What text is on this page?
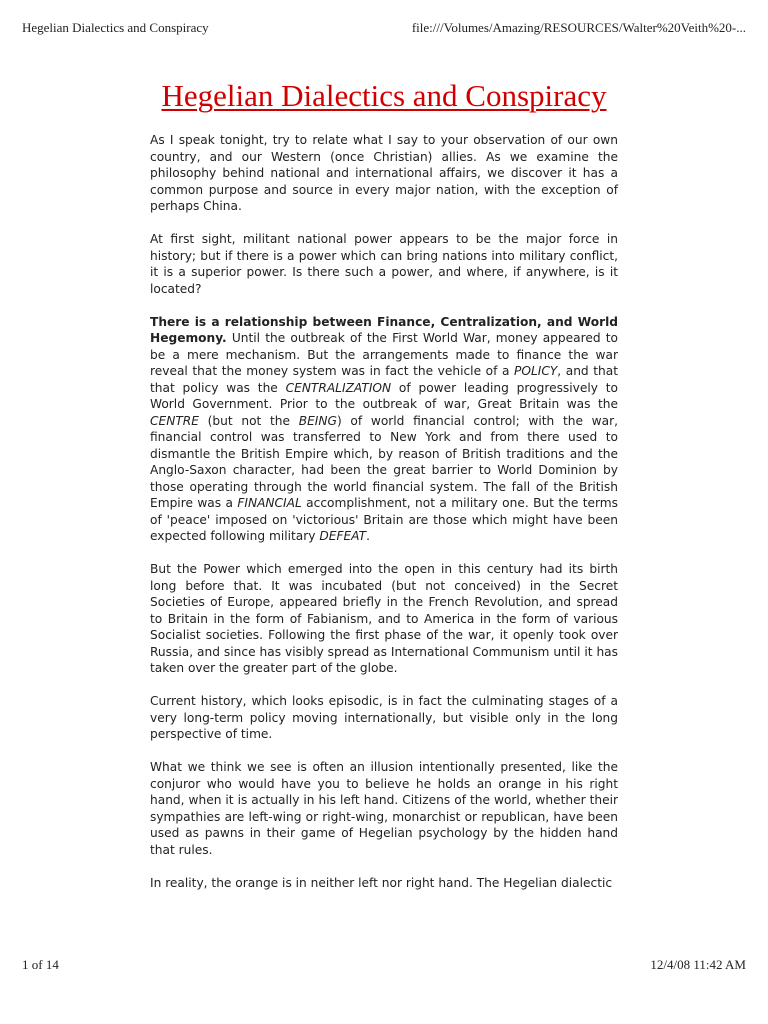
Hegelian Dialectics and Conspiracy	file:///Volumes/Amazing/RESOURCES/Walter%20Veith%20-...
Hegelian Dialectics and Conspiracy

As I speak tonight, try to relate what I say to your observation of our own country, and our Western (once Christian) allies. As we examine the philosophy behind national and international affairs, we discover it has a common purpose and source in every major nation, with the exception of perhaps China.

At first sight, militant national power appears to be the major force in history; but if there is a power which can bring nations into military conflict, it is a superior power. Is there such a power, and where, if anywhere, is it located?

There is a relationship between Finance, Centralization, and World Hegemony. Until the outbreak of the First World War, money appeared to be a mere mechanism. But the arrangements made to finance the war reveal that the money system was in fact the vehicle of a POLICY, and that that policy was the CENTRALIZATION of power leading progressively to World Government. Prior to the outbreak of war, Great Britain was the CENTRE (but not the BEING) of world financial control; with the war, financial control was transferred to New York and from there used to dismantle the British Empire which, by reason of British traditions and the Anglo-Saxon character, had been the great barrier to World Dominion by those operating through the world financial system. The fall of the British Empire was a FINANCIAL accomplishment, not a military one. But the terms of 'peace' imposed on 'victorious' Britain are those which might have been expected following military DEFEAT.

But the Power which emerged into the open in this century had its birth long before that. It was incubated (but not conceived) in the Secret Societies of Europe, appeared briefly in the French Revolution, and spread to Britain in the form of Fabianism, and to America in the form of various Socialist societies. Following the first phase of the war, it openly took over Russia, and since has visibly spread as International Communism until it has taken over the greater part of the globe.

Current history, which looks episodic, is in fact the culminating stages of a very long-term policy moving internationally, but visible only in the long perspective of time.

What we think we see is often an illusion intentionally presented, like the conjuror who would have you to believe he holds an orange in his right hand, when it is actually in his left hand. Citizens of the world, whether their sympathies are left-wing or right-wing, monarchist or republican, have been used as pawns in their game of Hegelian psychology by the hidden hand that rules.

In reality, the orange is in neither left nor right hand. The Hegelian dialectic

1 of 14	12/4/08 11:42 AM
